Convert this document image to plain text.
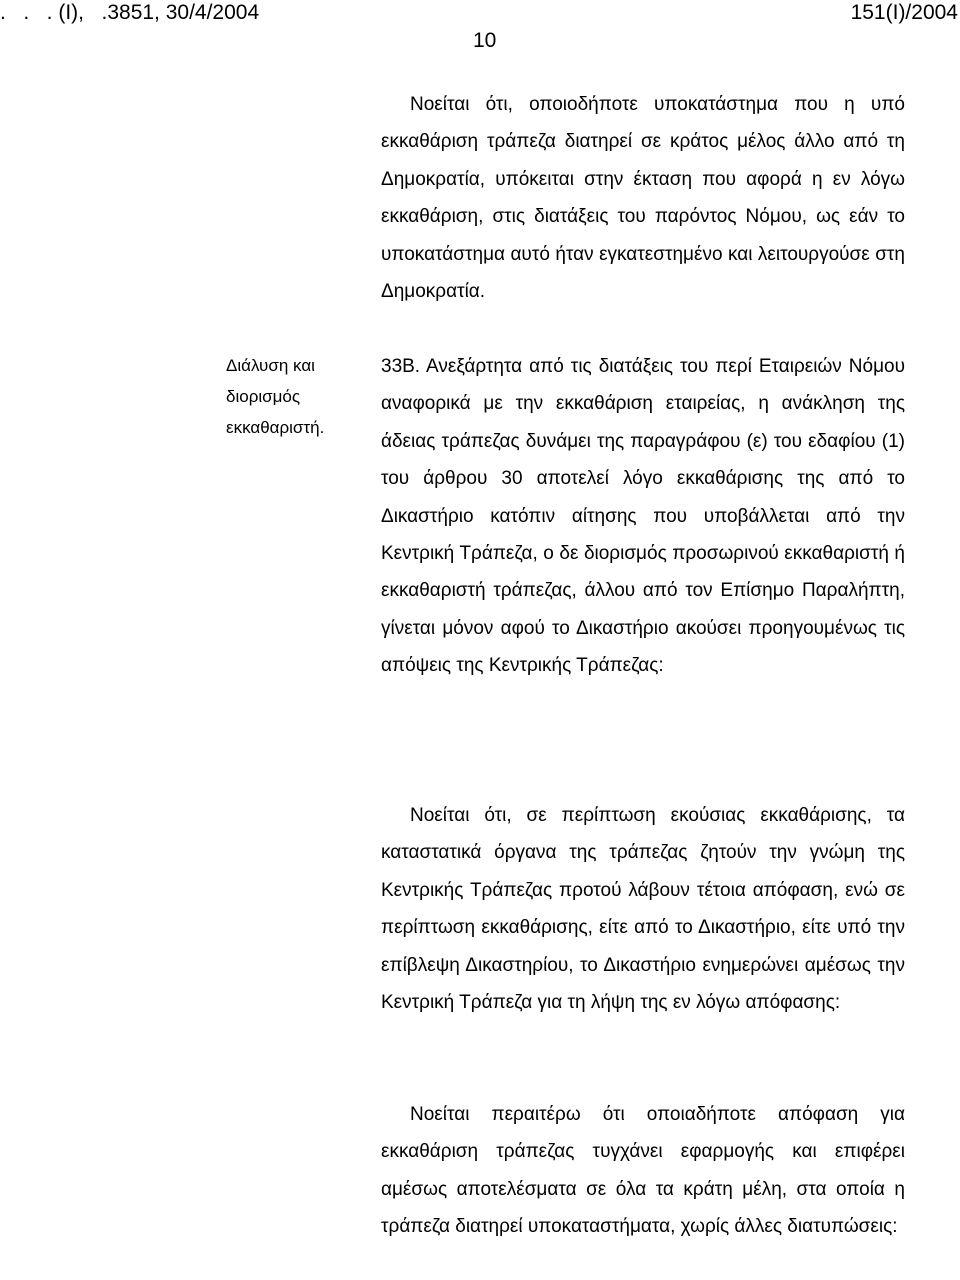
.   .   . (Ι),   .3851, 30/4/2004	151(Ι)/2004
10
Διάλυση και
διορισμός
εκκαθαριστή.

Νοείται ότι, οποιοδήποτε υποκατάστημα που η υπό εκκαθάριση τράπεζα διατηρεί σε κράτος μέλος άλλο από τη Δημοκρατία, υπόκειται στην έκταση που αφορά η εν λόγω εκκαθάριση, στις διατάξεις του παρόντος Νόμου, ως εάν το υποκατάστημα αυτό ήταν εγκατεστημένο και λειτουργούσε στη Δημοκρατία.

33Β. Ανεξάρτητα από τις διατάξεις του περί Εταιρειών Νόμου αναφορικά με την εκκαθάριση εταιρείας, η ανάκληση της άδειας τράπεζας δυνάμει της παραγράφου (ε) του εδαφίου (1) του άρθρου 30 αποτελεί λόγο εκκαθάρισης της από το Δικαστήριο κατόπιν αίτησης που υποβάλλεται από την Κεντρική Τράπεζα, ο δε διορισμός προσωρινού εκκαθαριστή ή εκκαθαριστή τράπεζας, άλλου από τον Επίσημο Παραλήπτη, γίνεται μόνον αφού το Δικαστήριο ακούσει προηγουμένως τις απόψεις της Κεντρικής Τράπεζας:

Νοείται ότι, σε περίπτωση εκούσιας εκκαθάρισης, τα καταστατικά όργανα της τράπεζας ζητούν την γνώμη της Κεντρικής Τράπεζας προτού λάβουν τέτοια απόφαση, ενώ σε περίπτωση εκκαθάρισης, είτε από το Δικαστήριο, είτε υπό την επίβλεψη Δικαστηρίου, το Δικαστήριο ενημερώνει αμέσως την Κεντρική Τράπεζα για τη λήψη της εν λόγω απόφασης:

Νοείται περαιτέρω ότι οποιαδήποτε απόφαση για εκκαθάριση τράπεζας τυγχάνει εφαρμογής και επιφέρει αμέσως αποτελέσματα σε όλα τα κράτη μέλη, στα οποία η τράπεζα διατηρεί υποκαταστήματα, χωρίς άλλες διατυπώσεις:
